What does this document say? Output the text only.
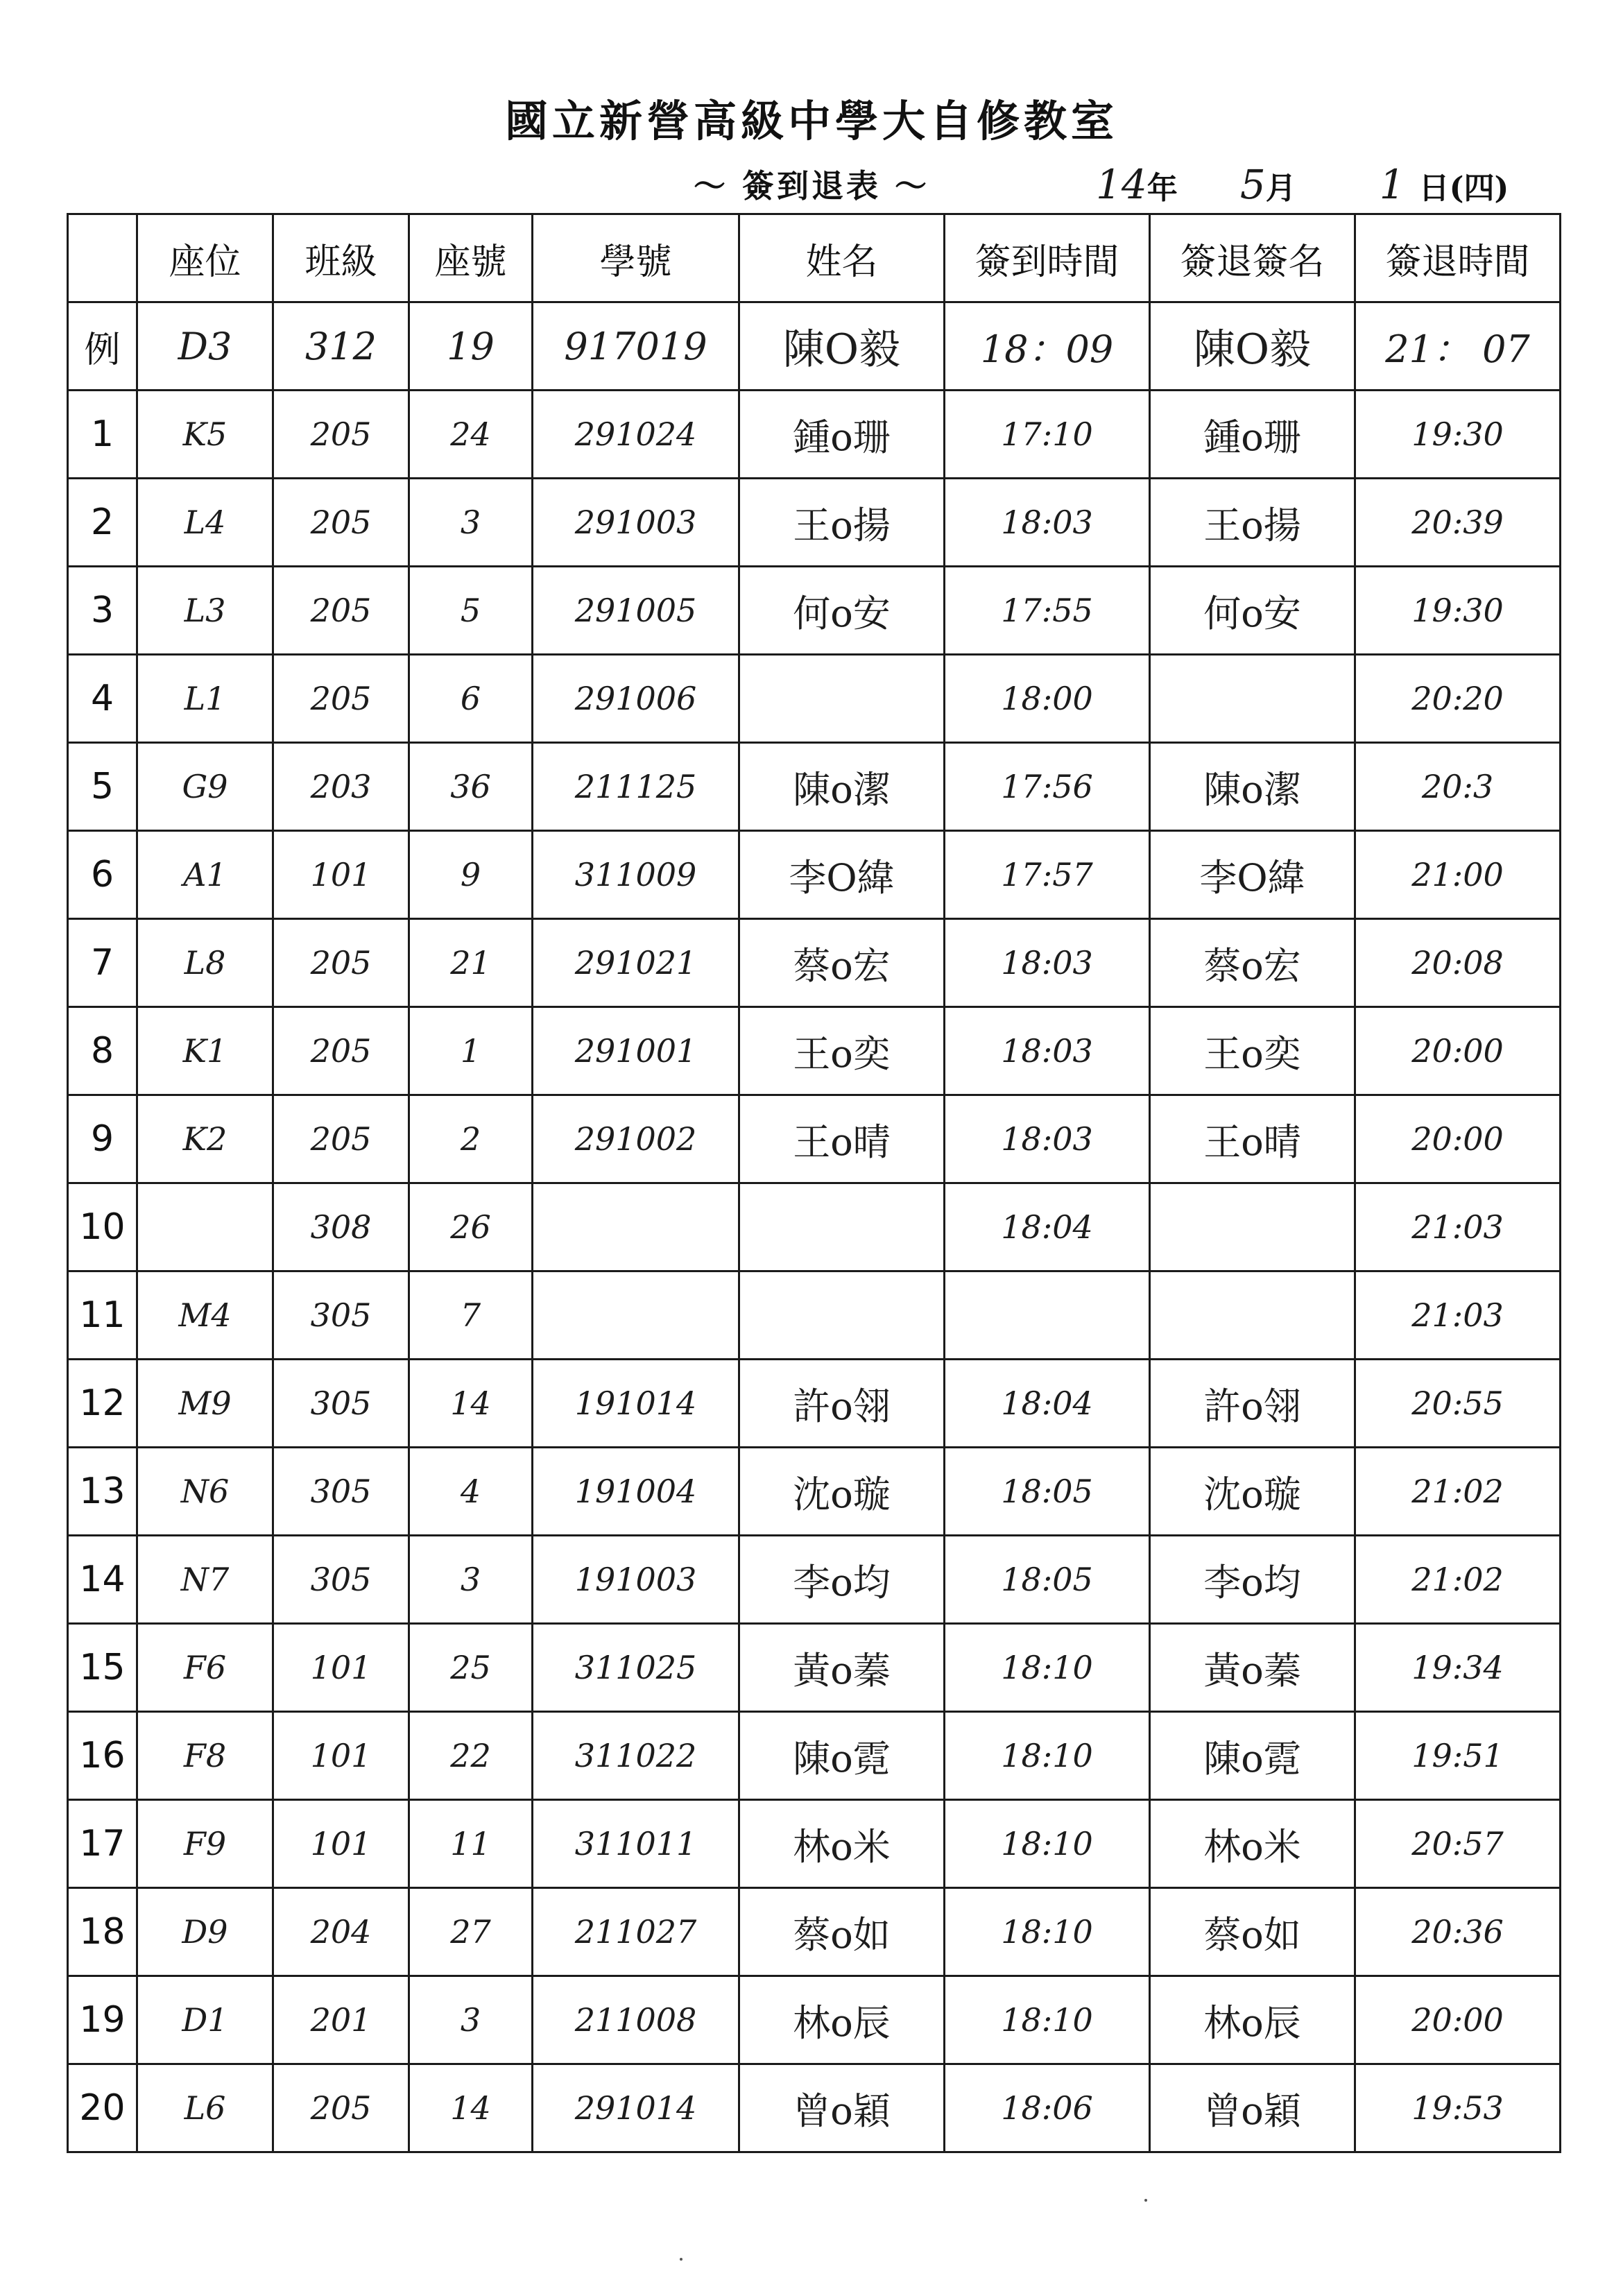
國立新營高級中學大自修教室
～ 簽到退表 ～	14 年 5 月 1 日 (四)
	座位	班級	座號	學號	姓名	簽到時間	簽退簽名	簽退時間
例	D3	312	19	917019	陳O毅	18：09	陳O毅	21： 07
1	K5	205	24	291024	鍾o珊	17:10	鍾o珊	19:30
2	L4	205	3	291003	王o揚	18:03	王o揚	20:39
3	L3	205	5	291005	何o安	17:55	何o安	19:30
4	L1	205	6	291006		18:00		20:20
5	G9	203	36	211125	陳o潔	17:56	陳o潔	20:3
6	A1	101	9	311009	李O緯	17:57	李O緯	21:00
7	L8	205	21	291021	蔡o宏	18:03	蔡o宏	20:08
8	K1	205	1	291001	王o奕	18:03	王o奕	20:00
9	K2	205	2	291002	王o晴	18:03	王o晴	20:00
10		308	26			18:04		21:03
11	M4	305	7					21:03
12	M9	305	14	191014	許o翎	18:04	許o翎	20:55
13	N6	305	4	191004	沈o璇	18:05	沈o璇	21:02
14	N7	305	3	191003	李o均	18:05	李o均	21:02
15	F6	101	25	311025	黃o蓁	18:10	黃o蓁	19:34
16	F8	101	22	311022	陳o霓	18:10	陳o霓	19:51
17	F9	101	11	311011	林o米	18:10	林o米	20:57
18	D9	204	27	211027	蔡o如	18:10	蔡o如	20:36
19	D1	201	3	211008	林o辰	18:10	林o辰	20:00
20	L6	205	14	291014	曾o穎	18:06	曾o穎	19:53
